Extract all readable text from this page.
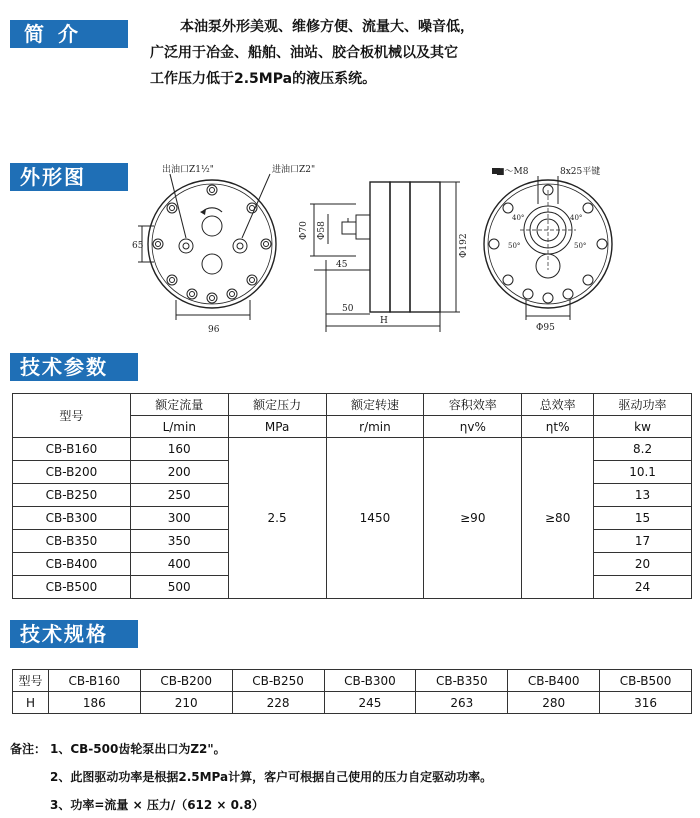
简介	本油泵外形美观、维修方便、流量大、噪音低，
广泛用于冶金、船舶、油站、胶合板机械以及其它
工作压力低于2.5MPa的液压系统。
外形图	出油口Z1½"	进油口Z2"
65
96
Φ70 Φ58
45
50
H
Φ192
■～M8	8x25平键
40°	40°
50°	50°
Φ95
技术参数
型号	额定流量	额定压力	额定转速	容积效率	总效率	驱动功率
	L/min	MPa	r/min	ηv%	ηt%	kw
CB-B160	160	2.5	1450	≥90	≥80	8.2
CB-B200	200					10.1
CB-B250	250					13
CB-B300	300					15
CB-B350	350					17
CB-B400	400					20
CB-B500	500					24
技术规格
型号	CB-B160	CB-B200	CB-B250	CB-B300	CB-B350	CB-B400	CB-B500
H	186	210	228	245	263	280	316
备注： 1、CB-500齿轮泵出口为Z2"。
2、此图驱动功率是根据2.5MPa计算，客户可根据自己使用的压力自定驱动功率。
3、功率=流量 × 压力/（612 × 0.8）
